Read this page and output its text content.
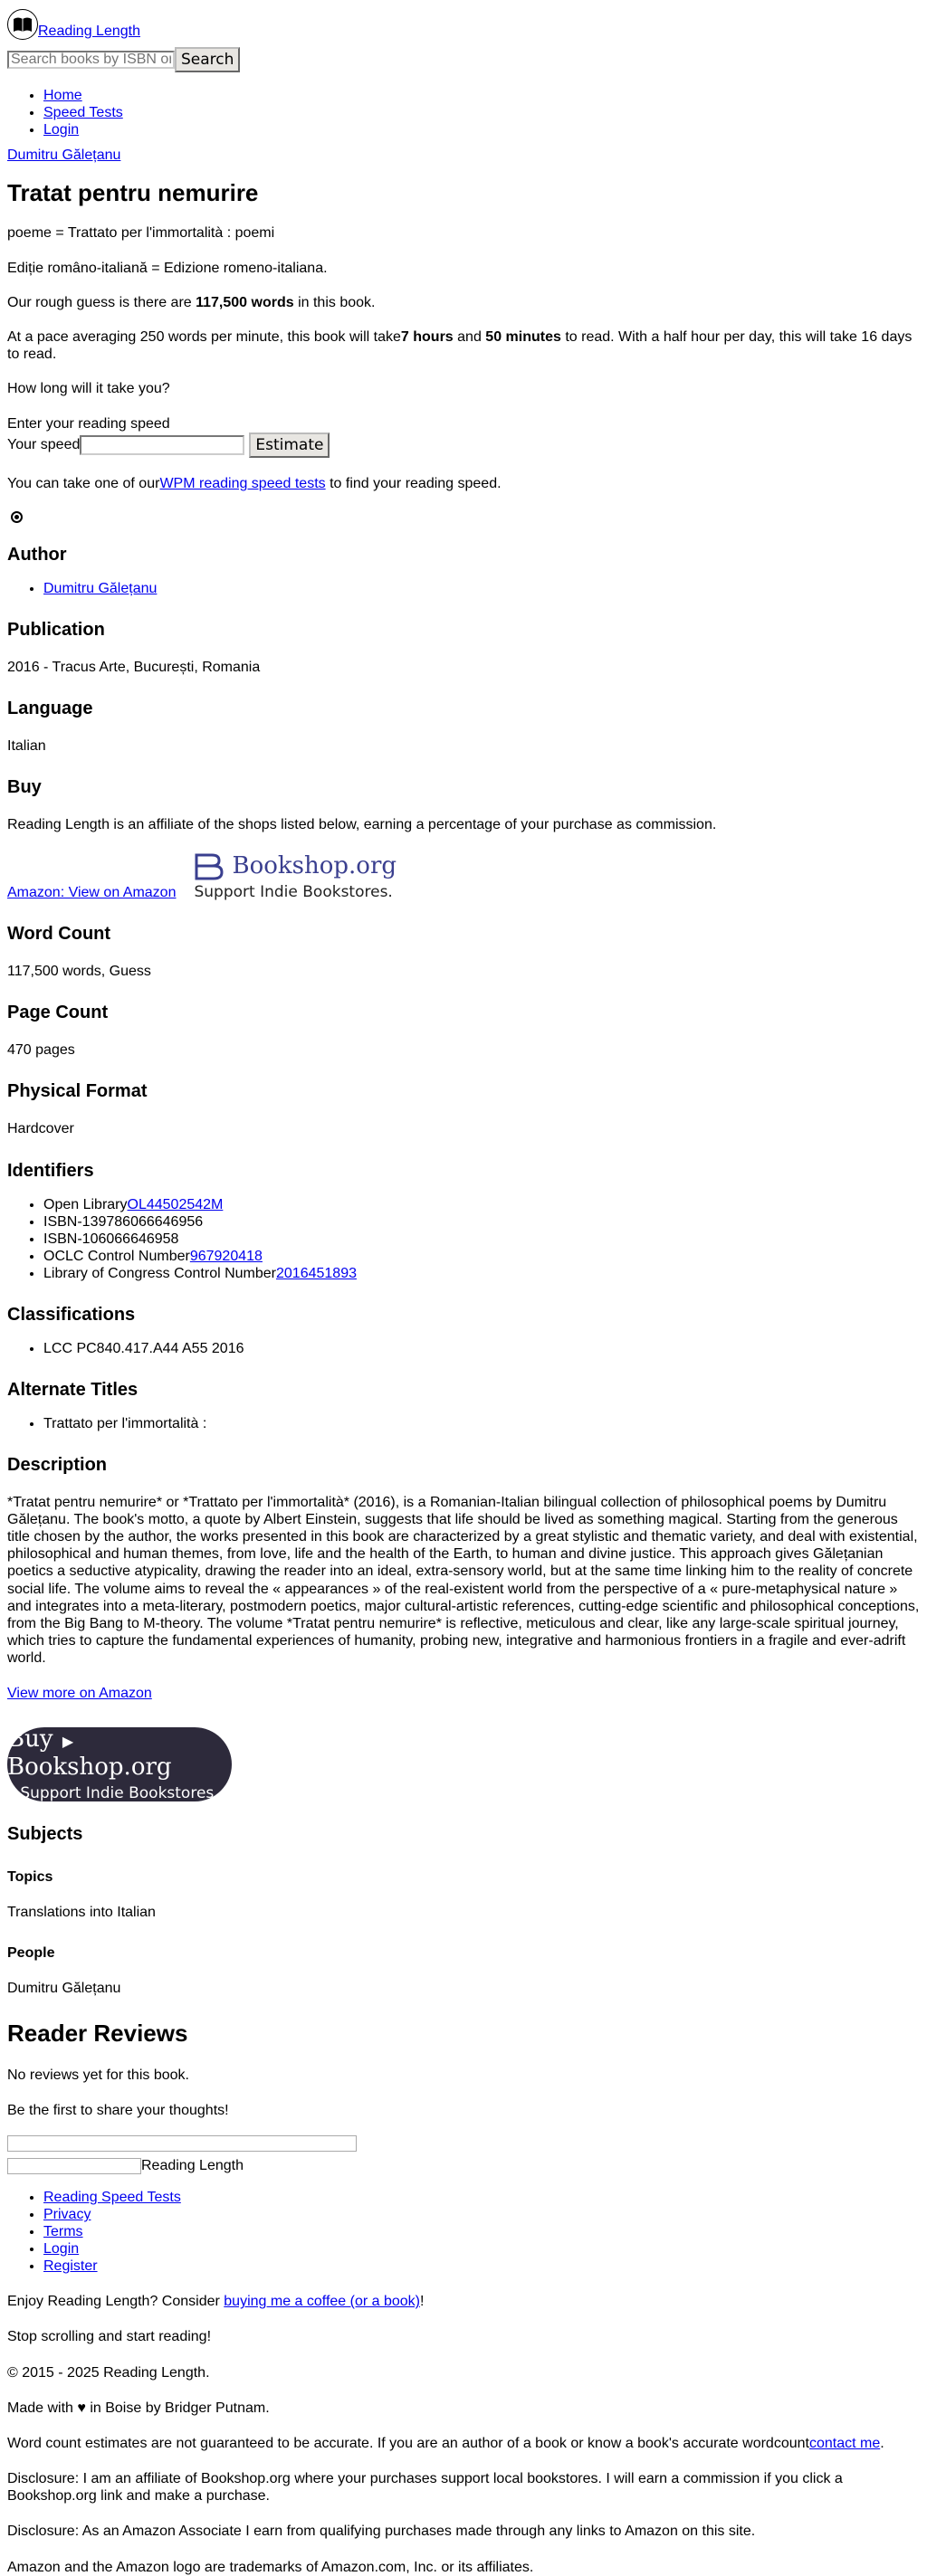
Reading Length
Search books by ISBN or title
Search
• Home
• Speed Tests
• Login
Dumitru Gălețanu
Tratat pentru nemurire

poeme = Trattato per l'immortalità : poemi

Ediție româno-italiană = Edizione romeno-italiana.

Our rough guess is there are 117,500 words in this book.

At a pace averaging 250 words per minute, this book will take7 hours and 50 minutes to read. With a half hour per day, this will take 16 days to read.

How long will it take you?

Enter your reading speed

Your speed	Estimate

You can take one of ourWPM reading speed tests to find your reading speed.

Author
• Dumitru Gălețanu
Publication

2016 - Tracus Arte, București, Romania

Language

Italian

Buy

Reading Length is an affiliate of the shops listed below, earning a percentage of your purchase as commission.

Amazon: View on Amazon
Bookshop.org
Support Indie Bookstores.
Word Count

117,500 words, Guess

Page Count

470 pages

Physical Format

Hardcover

Identifiers
• Open LibraryOL44502542M
• ISBN-139786066646956
• ISBN-106066646958
• OCLC Control Number967920418
• Library of Congress Control Number2016451893
Classifications
• LCC PC840.417.A44 A55 2016
Alternate Titles
• Trattato per l'immortalità :
Description

*Tratat pentru nemurire* or *Trattato per l'immortalità* (2016), is a Romanian-Italian bilingual collection of philosophical poems by Dumitru Gălețanu. The book's motto, a quote by Albert Einstein, suggests that life should be lived as something magical. Starting from the generous title chosen by the author, the works presented in this book are characterized by a great stylistic and thematic variety, and deal with existential, philosophical and human themes, from love, life and the health of the Earth, to human and divine justice. This approach gives Gălețanian poetics a seductive atypicality, drawing the reader into an ideal, extra-sensory world, but at the same time linking him to the reality of concrete social life. The volume aims to reveal the « appearances » of the real-existent world from the perspective of a « pure-metaphysical nature » and integrates into a meta-literary, postmodern poetics, major cultural-artistic references, cutting-edge scientific and philosophical conceptions, from the Big Bang to M-theory. The volume *Tratat pentru nemurire* is reflective, meticulous and clear, like any large-scale spiritual journey, which tries to capture the fundamental experiences of humanity, probing new, integrative and harmonious frontiers in a fragile and ever-adrift world.

View more on Amazon

Buy ▶ Bookshop.org
Support Indie Bookstores.
Subjects
Topics

Translations into Italian

People

Dumitru Gălețanu

Reader Reviews

No reviews yet for this book.

Be the first to share your thoughts!

Reading Length
• Reading Speed Tests
• Privacy
• Terms
• Login
• Register

Enjoy Reading Length? Consider buying me a coffee (or a book)!

Stop scrolling and start reading!

© 2015 - 2025 Reading Length.

Made with ♥ in Boise by Bridger Putnam.

Word count estimates are not guaranteed to be accurate. If you are an author of a book or know a book's accurate wordcountcontact me.

Disclosure: I am an affiliate of Bookshop.org where your purchases support local bookstores. I will earn a commission if you click a Bookshop.org link and make a purchase.

Disclosure: As an Amazon Associate I earn from qualifying purchases made through any links to Amazon on this site.

Amazon and the Amazon logo are trademarks of Amazon.com, Inc. or its affiliates.
